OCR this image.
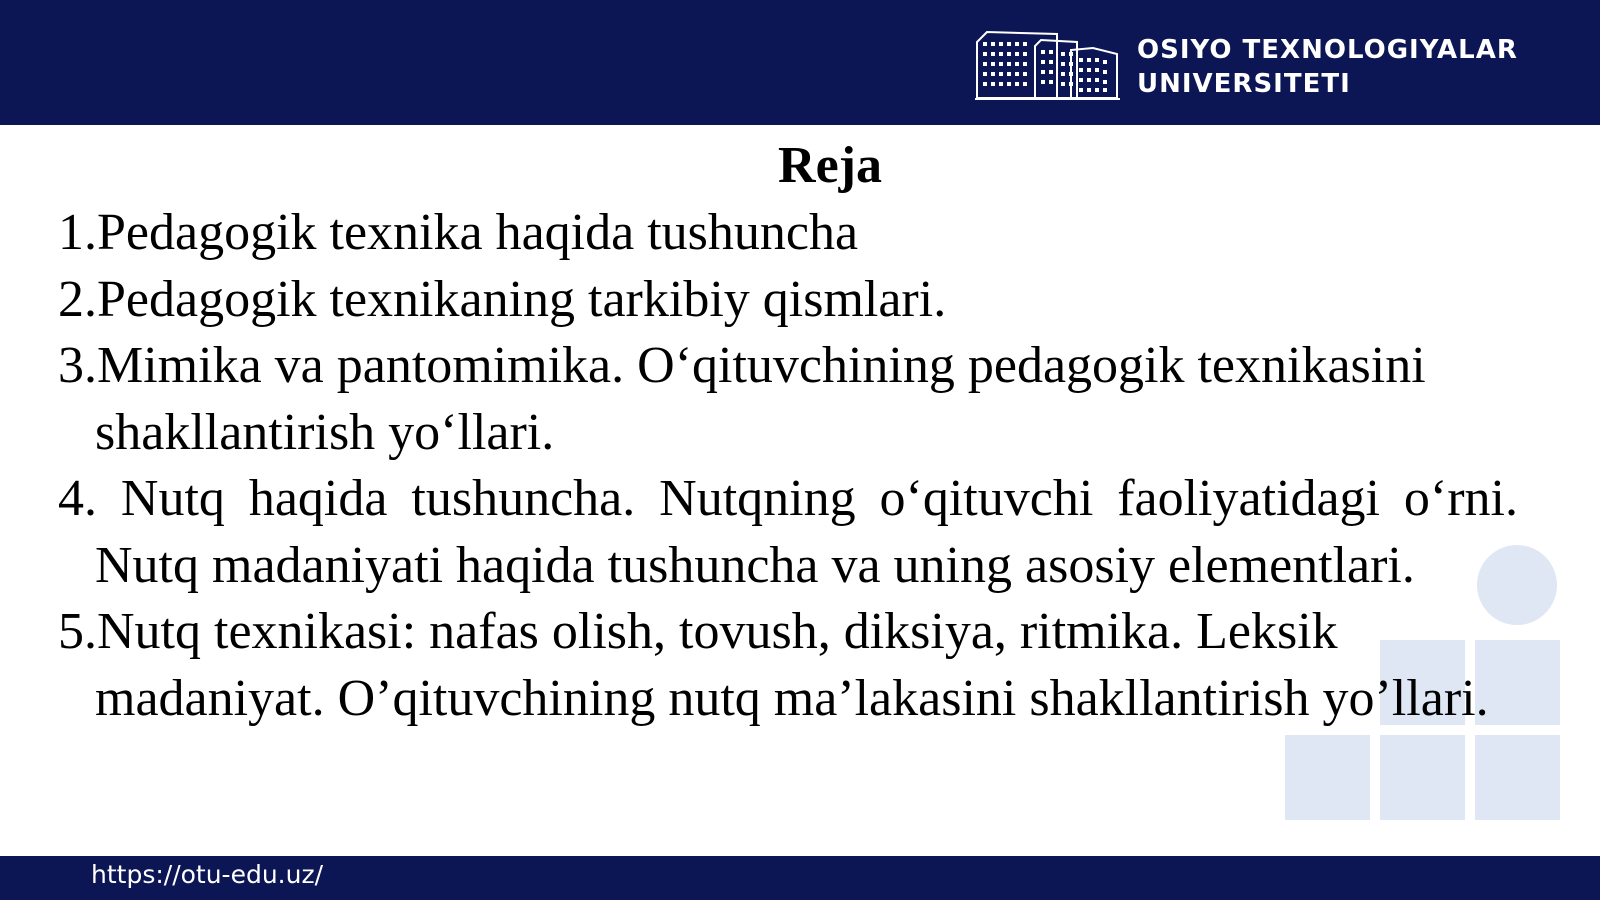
OSIYO TEXNOLOGIYALAR
UNIVERSITETI
Reja
1.Pedagogik texnika haqida tushuncha
2.Pedagogik texnikaning tarkibiy qismlari.
3.Mimika va pantomimika. O‘qituvchining pedagogik texnikasini shakllantirish yo‘llari.
4. Nutq haqida tushuncha. Nutqning o‘qituvchi faoliyatidagi o‘rni. Nutq madaniyati haqida tushuncha va uning asosiy elementlari.
5.Nutq texnikasi: nafas olish, tovush, diksiya, ritmika. Leksik madaniyat. O’qituvchining nutq ma’lakasini shakllantirish yo’llari.
https://otu-edu.uz/
